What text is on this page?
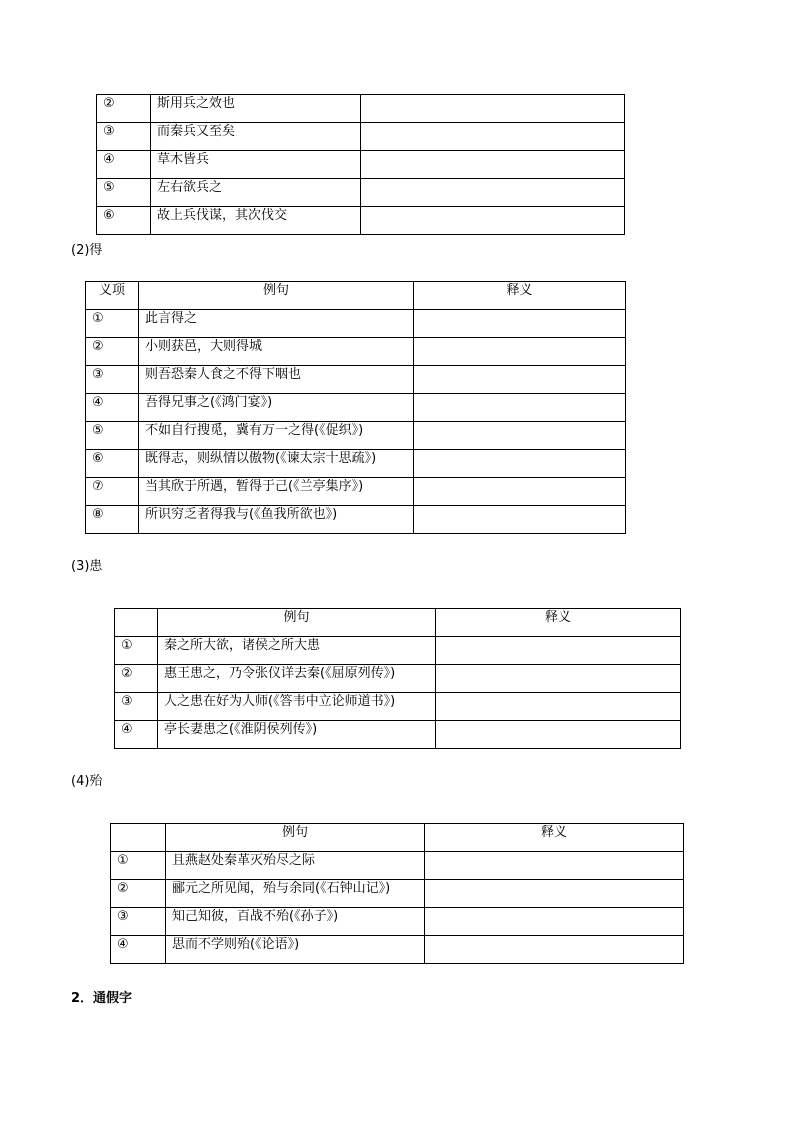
②	斯用兵之效也	
③	而秦兵又至矣	
④	草木皆兵	
⑤	左右欲兵之	
⑥	故上兵伐谋，其次伐交	
(2)得
义项	例句	释义
①	此言得之	
②	小则获邑，大则得城	
③	则吾恐秦人食之不得下咽也	
④	吾得兄事之(《鸿门宴》)	
⑤	不如自行搜觅，冀有万一之得(《促织》)	
⑥	既得志，则纵情以傲物(《谏太宗十思疏》)	
⑦	当其欣于所遇，暂得于己(《兰亭集序》)	
⑧	所识穷乏者得我与(《鱼我所欲也》)	
(3)患
	例句	释义
①	秦之所大欲，诸侯之所大患	
②	惠王患之，乃令张仪详去秦(《屈原列传》)	
③	人之患在好为人师(《答韦中立论师道书》)	
④	亭长妻患之(《淮阴侯列传》)	
(4)殆
	例句	释义
①	且燕赵处秦革灭殆尽之际	
②	郦元之所见闻，殆与余同(《石钟山记》)	
③	知己知彼，百战不殆(《孙子》)	
④	思而不学则殆(《论语》)	
2．通假字
